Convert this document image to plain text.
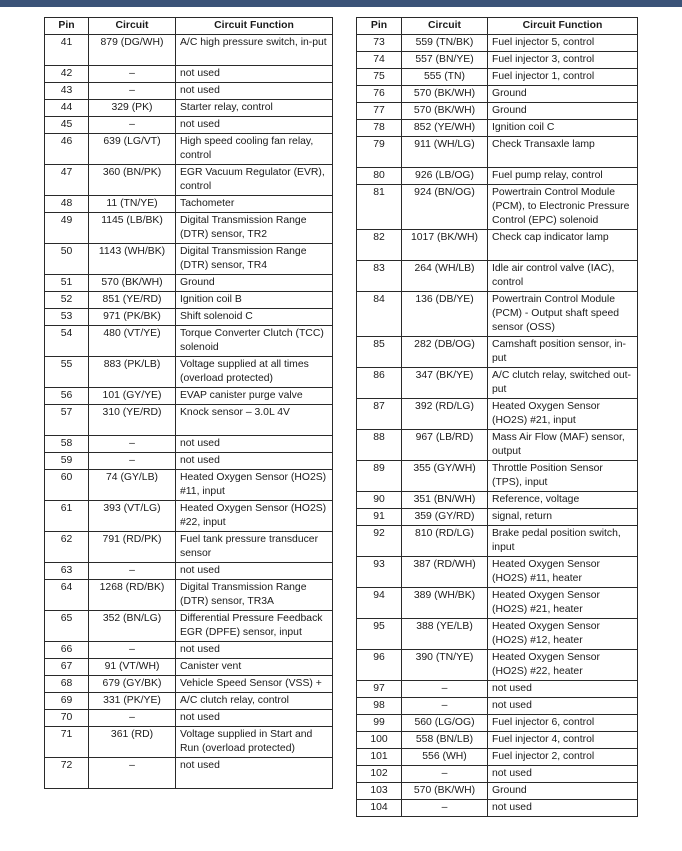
Pin	Circuit	Circuit Function
41	879 (DG/WH)	A/C high pressure switch, in-put
42	–	not used
43	–	not used
44	329 (PK)	Starter relay, control
45	–	not used
46	639 (LG/VT)	High speed cooling fan relay, control
47	360 (BN/PK)	EGR Vacuum Regulator (EVR), control
48	11 (TN/YE)	Tachometer
49	1145 (LB/BK)	Digital Transmission Range (DTR) sensor, TR2
50	1143 (WH/BK)	Digital Transmission Range (DTR) sensor, TR4
51	570 (BK/WH)	Ground
52	851 (YE/RD)	Ignition coil B
53	971 (PK/BK)	Shift solenoid C
54	480 (VT/YE)	Torque Converter Clutch (TCC) solenoid
55	883 (PK/LB)	Voltage supplied at all times (overload protected)
56	101 (GY/YE)	EVAP canister purge valve
57	310 (YE/RD)	Knock sensor – 3.0L 4V
58	–	not used
59	–	not used
60	74 (GY/LB)	Heated Oxygen Sensor (HO2S) #11, input
61	393 (VT/LG)	Heated Oxygen Sensor (HO2S) #22, input
62	791 (RD/PK)	Fuel tank pressure transducer sensor
63	–	not used
64	1268 (RD/BK)	Digital Transmission Range (DTR) sensor, TR3A
65	352 (BN/LG)	Differential Pressure Feedback EGR (DPFE) sensor, input
66	–	not used
67	91 (VT/WH)	Canister vent
68	679 (GY/BK)	Vehicle Speed Sensor (VSS) +
69	331 (PK/YE)	A/C clutch relay, control
70	–	not used
71	361 (RD)	Voltage supplied in Start and Run (overload protected)
72	–	not used
Pin	Circuit	Circuit Function
73	559 (TN/BK)	Fuel injector 5, control
74	557 (BN/YE)	Fuel injector 3, control
75	555 (TN)	Fuel injector 1, control
76	570 (BK/WH)	Ground
77	570 (BK/WH)	Ground
78	852 (YE/WH)	Ignition coil C
79	911 (WH/LG)	Check Transaxle lamp
80	926 (LB/OG)	Fuel pump relay, control
81	924 (BN/OG)	Powertrain Control Module (PCM), to Electronic Pressure Control (EPC) solenoid
82	1017 (BK/WH)	Check cap indicator lamp
83	264 (WH/LB)	Idle air control valve (IAC), control
84	136 (DB/YE)	Powertrain Control Module (PCM) - Output shaft speed sensor (OSS)
85	282 (DB/OG)	Camshaft position sensor, in-put
86	347 (BK/YE)	A/C clutch relay, switched out-put
87	392 (RD/LG)	Heated Oxygen Sensor (HO2S) #21, input
88	967 (LB/RD)	Mass Air Flow (MAF) sensor, output
89	355 (GY/WH)	Throttle Position Sensor (TPS), input
90	351 (BN/WH)	Reference, voltage
91	359 (GY/RD)	signal, return
92	810 (RD/LG)	Brake pedal position switch, input
93	387 (RD/WH)	Heated Oxygen Sensor (HO2S) #11, heater
94	389 (WH/BK)	Heated Oxygen Sensor (HO2S) #21, heater
95	388 (YE/LB)	Heated Oxygen Sensor (HO2S) #12, heater
96	390 (TN/YE)	Heated Oxygen Sensor (HO2S) #22, heater
97	–	not used
98	–	not used
99	560 (LG/OG)	Fuel injector 6, control
100	558 (BN/LB)	Fuel injector 4, control
101	556 (WH)	Fuel injector 2, control
102	–	not used
103	570 (BK/WH)	Ground
104	–	not used
